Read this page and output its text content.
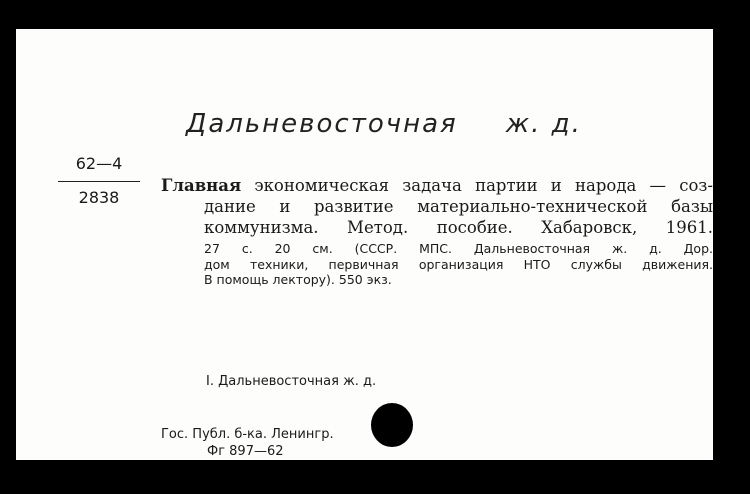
Дальневосточная ж. д.
62—4
2838
Главная экономическая задача партии и народа — соз-
дание и развитие материально-технической базы
коммунизма. Метод. пособие. Хабаровск, 1961.
27 с. 20 см. (СССР. МПС. Дальневосточная ж. д. Дор.
дом техники, первичная организация НТО службы движения.
В помощь лектору). 550 экз.
I. Дальневосточная ж. д.
Гос. Публ. б-ка. Ленингр.
Фг 897—62
